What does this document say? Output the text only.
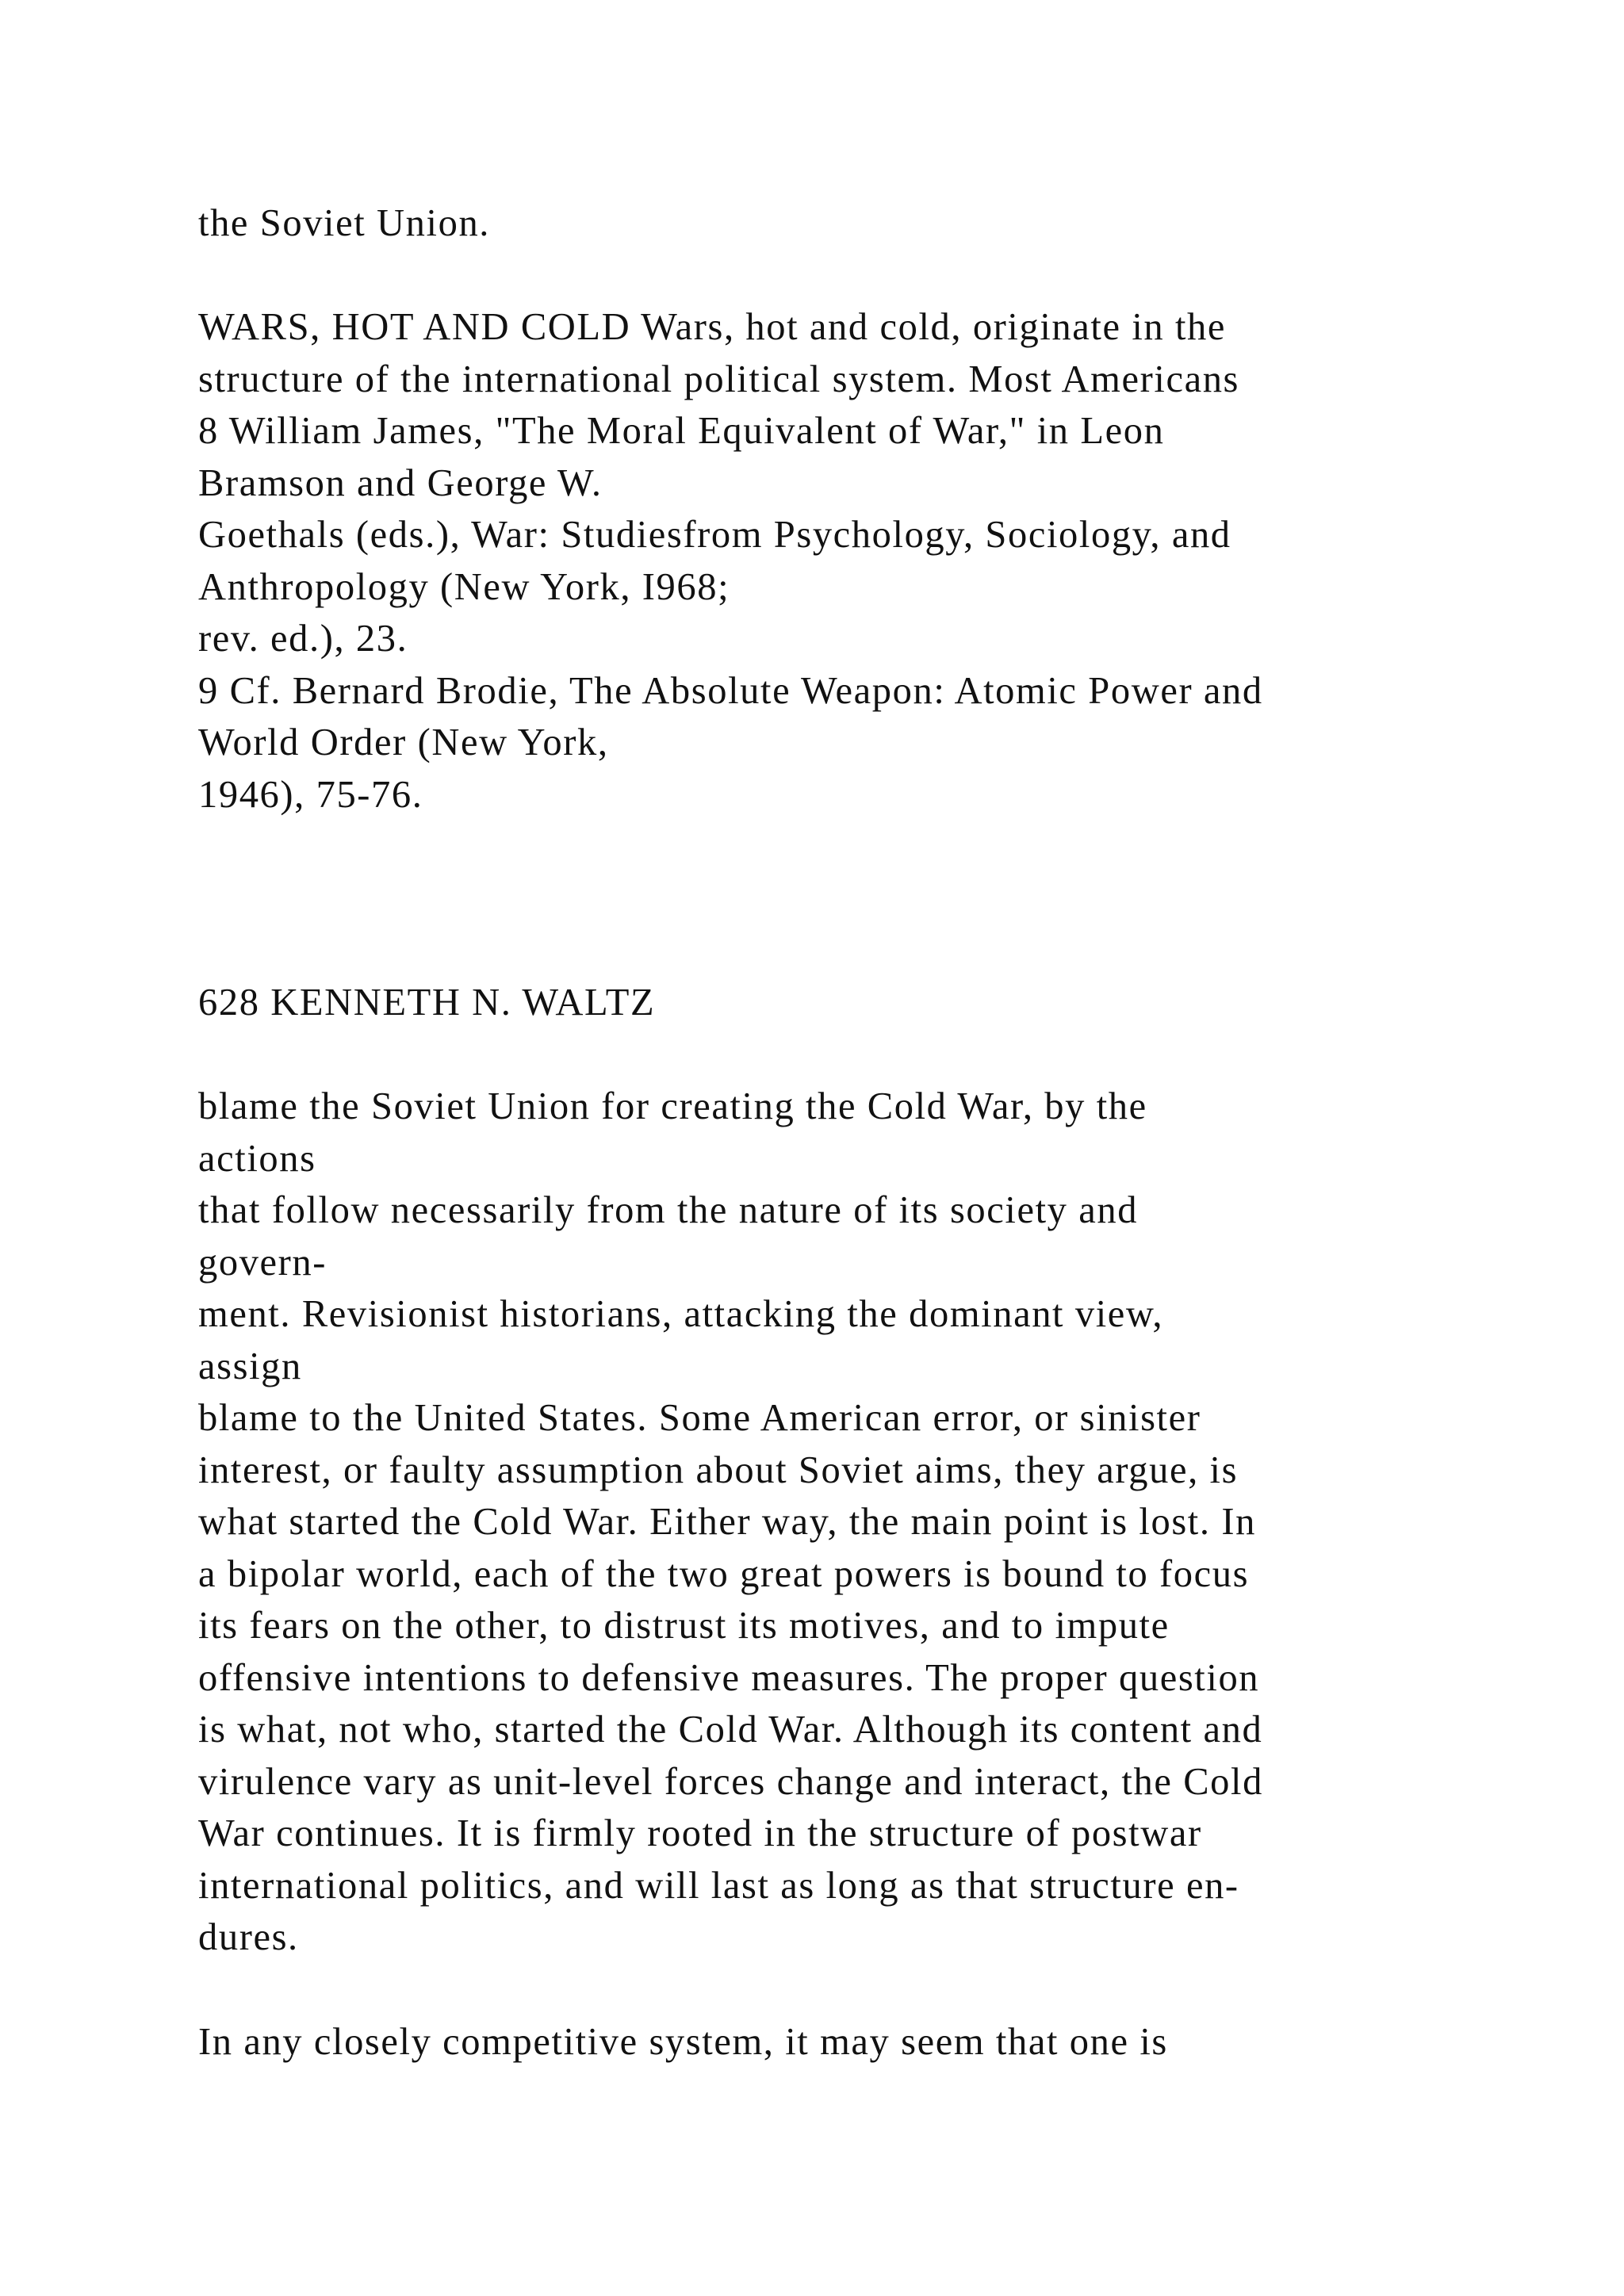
the Soviet Union.

WARS, HOT AND COLD Wars, hot and cold, originate in the
structure of the international political system. Most Americans
8 William James, "The Moral Equivalent of War," in Leon
Bramson and George W.
Goethals (eds.), War: Studiesfrom Psychology, Sociology, and
Anthropology (New York, I968;
rev. ed.), 23.
9 Cf. Bernard Brodie, The Absolute Weapon: Atomic Power and
World Order (New York,
1946), 75-76.

628 KENNETH N. WALTZ

blame the Soviet Union for creating the Cold War, by the
actions
that follow necessarily from the nature of its society and
govern-
ment. Revisionist historians, attacking the dominant view,
assign
blame to the United States. Some American error, or sinister
interest, or faulty assumption about Soviet aims, they argue, is
what started the Cold War. Either way, the main point is lost. In
a bipolar world, each of the two great powers is bound to focus
its fears on the other, to distrust its motives, and to impute
offensive intentions to defensive measures. The proper question
is what, not who, started the Cold War. Although its content and
virulence vary as unit-level forces change and interact, the Cold
War continues. It is firmly rooted in the structure of postwar
international politics, and will last as long as that structure en-
dures.

In any closely competitive system, it may seem that one is
